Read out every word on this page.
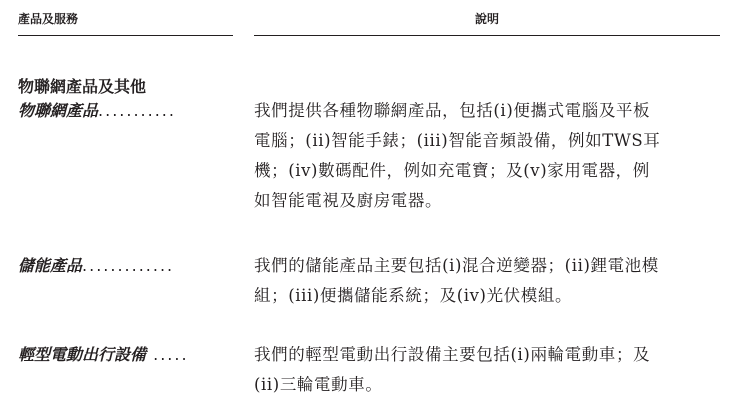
產品及服務	說明
物聯網產品及其他
物聯網產品...........	我們提供各種物聯網產品，包括(i)便攜式電腦及平板
電腦；(ii)智能手錶；(iii)智能音頻設備，例如TWS耳
機；(iv)數碼配件，例如充電寶；及(v)家用電器，例
如智能電視及廚房電器。
儲能產品.............	我們的儲能產品主要包括(i)混合逆變器；(ii)鋰電池模
組；(iii)便攜儲能系統；及(iv)光伏模組。
輕型電動出行設備 .....	我們的輕型電動出行設備主要包括(i)兩輪電動車；及
(ii)三輪電動車。
